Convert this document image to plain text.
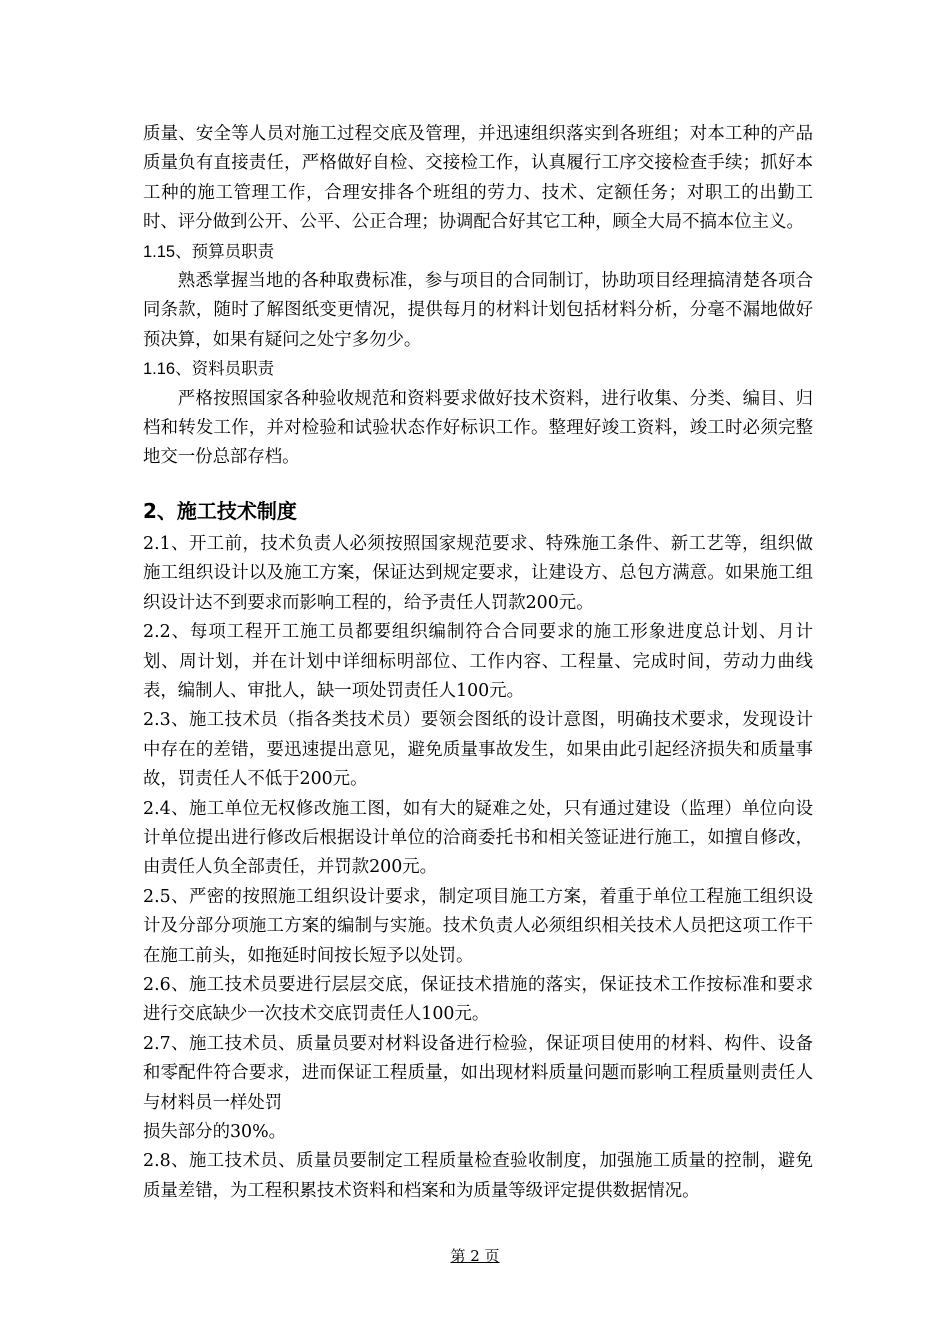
质量、安全等人员对施工过程交底及管理，并迅速组织落实到各班组；对本工种的产品质量负有直接责任，严格做好自检、交接检工作，认真履行工序交接检查手续；抓好本工种的施工管理工作，合理安排各个班组的劳力、技术、定额任务；对职工的出勤工时、评分做到公开、公平、公正合理；协调配合好其它工种，顾全大局不搞本位主义。

1.15、预算员职责

熟悉掌握当地的各种取费标准，参与项目的合同制订，协助项目经理搞清楚各项合同条款，随时了解图纸变更情况，提供每月的材料计划包括材料分析，分毫不漏地做好预决算，如果有疑问之处宁多勿少。

1.16、资料员职责

严格按照国家各种验收规范和资料要求做好技术资料，进行收集、分类、编目、归档和转发工作，并对检验和试验状态作好标识工作。整理好竣工资料，竣工时必须完整地交一份总部存档。

2、施工技术制度

2.1、开工前，技术负责人必须按照国家规范要求、特殊施工条件、新工艺等，组织做施工组织设计以及施工方案，保证达到规定要求，让建设方、总包方满意。如果施工组织设计达不到要求而影响工程的，给予责任人罚款200元。

2.2、每项工程开工施工员都要组织编制符合合同要求的施工形象进度总计划、月计划、周计划，并在计划中详细标明部位、工作内容、工程量、完成时间，劳动力曲线表，编制人、审批人，缺一项处罚责任人100元。

2.3、施工技术员（指各类技术员）要领会图纸的设计意图，明确技术要求，发现设计中存在的差错，要迅速提出意见，避免质量事故发生，如果由此引起经济损失和质量事故，罚责任人不低于200元。

2.4、施工单位无权修改施工图，如有大的疑难之处，只有通过建设（监理）单位向设计单位提出进行修改后根据设计单位的洽商委托书和相关签证进行施工，如擅自修改，由责任人负全部责任，并罚款200元。

2.5、严密的按照施工组织设计要求，制定项目施工方案，着重于单位工程施工组织设计及分部分项施工方案的编制与实施。技术负责人必须组织相关技术人员把这项工作干在施工前头，如拖延时间按长短予以处罚。

2.6、施工技术员要进行层层交底，保证技术措施的落实，保证技术工作按标准和要求进行交底缺少一次技术交底罚责任人100元。

2.7、施工技术员、质量员要对材料设备进行检验，保证项目使用的材料、构件、设备和零配件符合要求，进而保证工程质量，如出现材料质量问题而影响工程质量则责任人与材料员一样处罚

损失部分的30%。

2.8、施工技术员、质量员要制定工程质量检查验收制度，加强施工质量的控制，避免质量差错，为工程积累技术资料和档案和为质量等级评定提供数据情况。

第 2 页
